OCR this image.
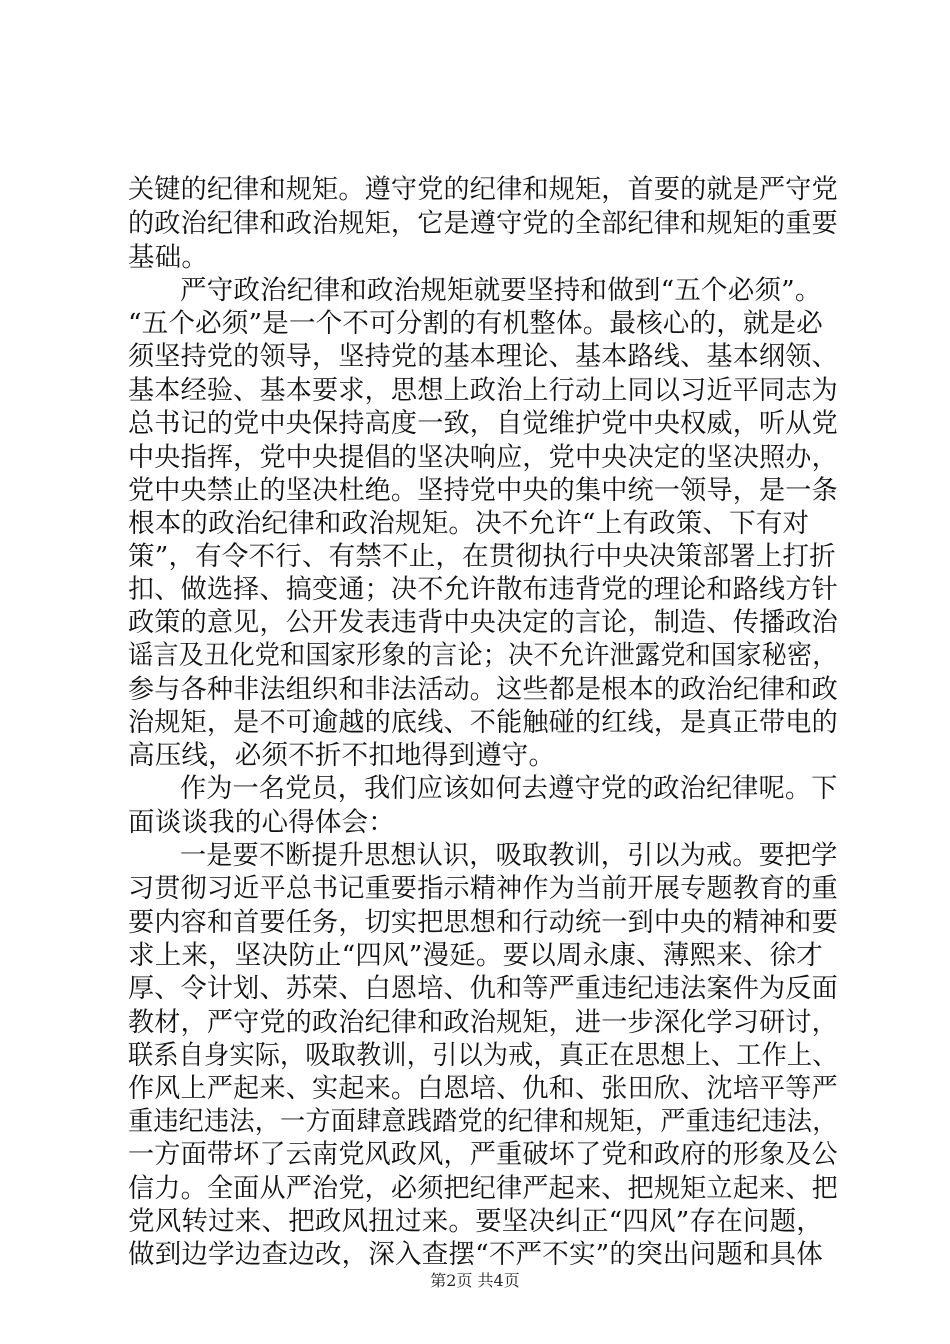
关键的纪律和规矩。遵守党的纪律和规矩，首要的就是严守党
的政治纪律和政治规矩，它是遵守党的全部纪律和规矩的重要
基础。
严守政治纪律和政治规矩就要坚持和做到“五个必须”。
“五个必须”是一个不可分割的有机整体。最核心的，就是必
须坚持党的领导，坚持党的基本理论、基本路线、基本纲领、
基本经验、基本要求，思想上政治上行动上同以习近平同志为
总书记的党中央保持高度一致，自觉维护党中央权威，听从党
中央指挥，党中央提倡的坚决响应，党中央决定的坚决照办，
党中央禁止的坚决杜绝。坚持党中央的集中统一领导，是一条
根本的政治纪律和政治规矩。决不允许“上有政策、下有对
策”，有令不行、有禁不止，在贯彻执行中央决策部署上打折
扣、做选择、搞变通；决不允许散布违背党的理论和路线方针
政策的意见，公开发表违背中央决定的言论，制造、传播政治
谣言及丑化党和国家形象的言论；决不允许泄露党和国家秘密，
参与各种非法组织和非法活动。这些都是根本的政治纪律和政
治规矩，是不可逾越的底线、不能触碰的红线，是真正带电的
高压线，必须不折不扣地得到遵守。
作为一名党员，我们应该如何去遵守党的政治纪律呢。下
面谈谈我的心得体会：
一是要不断提升思想认识，吸取教训，引以为戒。要把学
习贯彻习近平总书记重要指示精神作为当前开展专题教育的重
要内容和首要任务，切实把思想和行动统一到中央的精神和要
求上来，坚决防止“四风”漫延。要以周永康、薄熙来、徐才
厚、令计划、苏荣、白恩培、仇和等严重违纪违法案件为反面
教材，严守党的政治纪律和政治规矩，进一步深化学习研讨，
联系自身实际，吸取教训，引以为戒，真正在思想上、工作上、
作风上严起来、实起来。白恩培、仇和、张田欣、沈培平等严
重违纪违法，一方面肆意践踏党的纪律和规矩，严重违纪违法，
一方面带坏了云南党风政风，严重破坏了党和政府的形象及公
信力。全面从严治党，必须把纪律严起来、把规矩立起来、把
党风转过来、把政风扭过来。要坚决纠正“四风”存在问题，
做到边学边查边改，深入查摆“不严不实”的突出问题和具体
第2页 共4页
